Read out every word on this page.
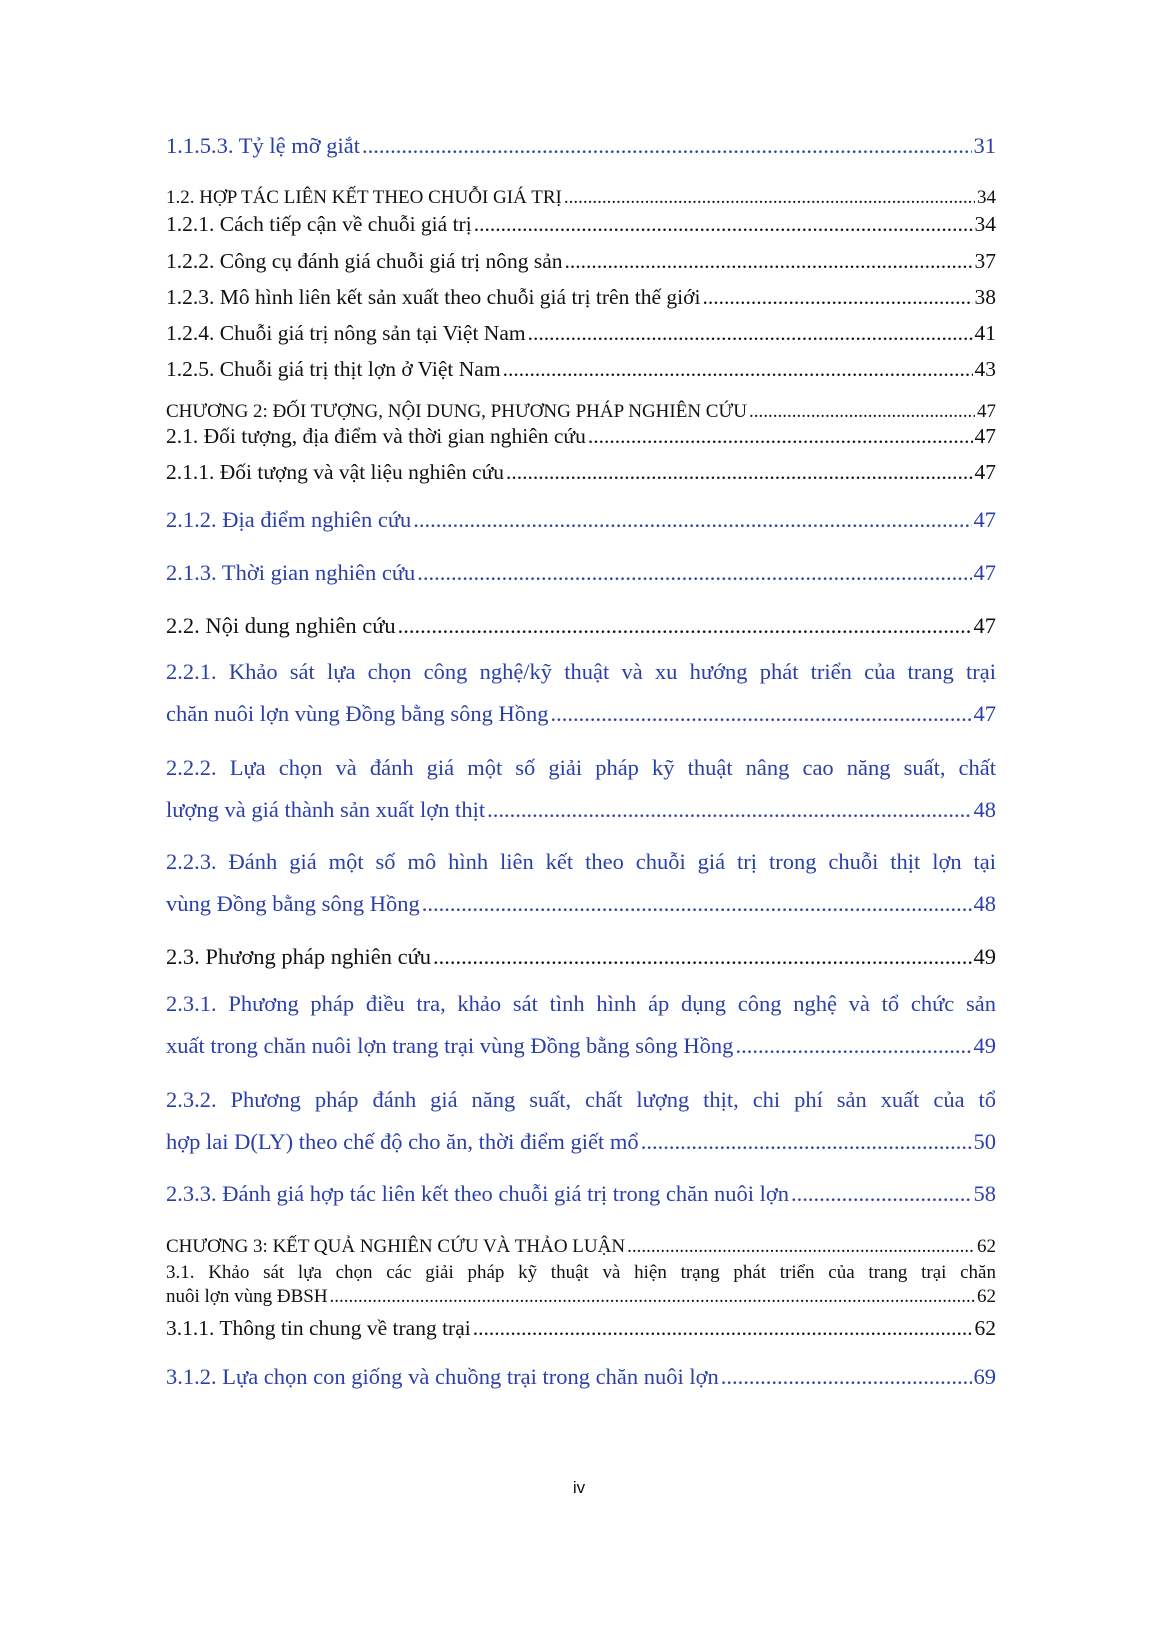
1.1.5.3. Tỷ lệ mỡ giắt .....	31
1.2. HỢP TÁC LIÊN KẾT THEO CHUỖI GIÁ TRỊ .....	34
1.2.1. Cách tiếp cận về chuỗi giá trị .....	34
1.2.2. Công cụ đánh giá chuỗi giá trị nông sản .....	37
1.2.3. Mô hình liên kết sản xuất theo chuỗi giá trị trên thế giới .....	38
1.2.4. Chuỗi giá trị nông sản tại Việt Nam .....	41
1.2.5. Chuỗi giá trị thịt lợn ở Việt Nam .....	43
CHƯƠNG 2: ĐỐI TƯỢNG, NỘI DUNG, PHƯƠNG PHÁP NGHIÊN CỨU .....	47
2.1. Đối tượng, địa điểm và thời gian nghiên cứu .....	47
2.1.1. Đối tượng và vật liệu nghiên cứu .....	47
2.1.2. Địa điểm nghiên cứu .....	47
2.1.3. Thời gian nghiên cứu .....	47
2.2. Nội dung nghiên cứu .....	47
2.2.1. Khảo sát lựa chọn công nghệ/kỹ thuật và xu hướng phát triển của trang trại
chăn nuôi lợn vùng Đồng bằng sông Hồng .....	47
2.2.2. Lựa chọn và đánh giá một số giải pháp kỹ thuật nâng cao năng suất, chất
lượng và giá thành sản xuất lợn thịt .....	48
2.2.3. Đánh giá một số mô hình liên kết theo chuỗi giá trị trong chuỗi thịt lợn tại
vùng Đồng bằng sông Hồng .....	48
2.3. Phương pháp nghiên cứu .....	49
2.3.1. Phương pháp điều tra, khảo sát tình hình áp dụng công nghệ và tổ chức sản
xuất trong chăn nuôi lợn trang trại vùng Đồng bằng sông Hồng .....	49
2.3.2. Phương pháp đánh giá năng suất, chất lượng thịt, chi phí sản xuất của tổ
hợp lai D(LY) theo chế độ cho ăn, thời điểm giết mổ .....	50
2.3.3. Đánh giá hợp tác liên kết theo chuỗi giá trị trong chăn nuôi lợn .....	58
CHƯƠNG 3: KẾT QUẢ NGHIÊN CỨU VÀ THẢO LUẬN .....	62
3.1. Khảo sát lựa chọn các giải pháp kỹ thuật và hiện trạng phát triển của trang trại chăn
nuôi lợn vùng ĐBSH .....	62
3.1.1. Thông tin chung về trang trại .....	62
3.1.2. Lựa chọn con giống và chuồng trại trong chăn nuôi lợn .....	69
iv
